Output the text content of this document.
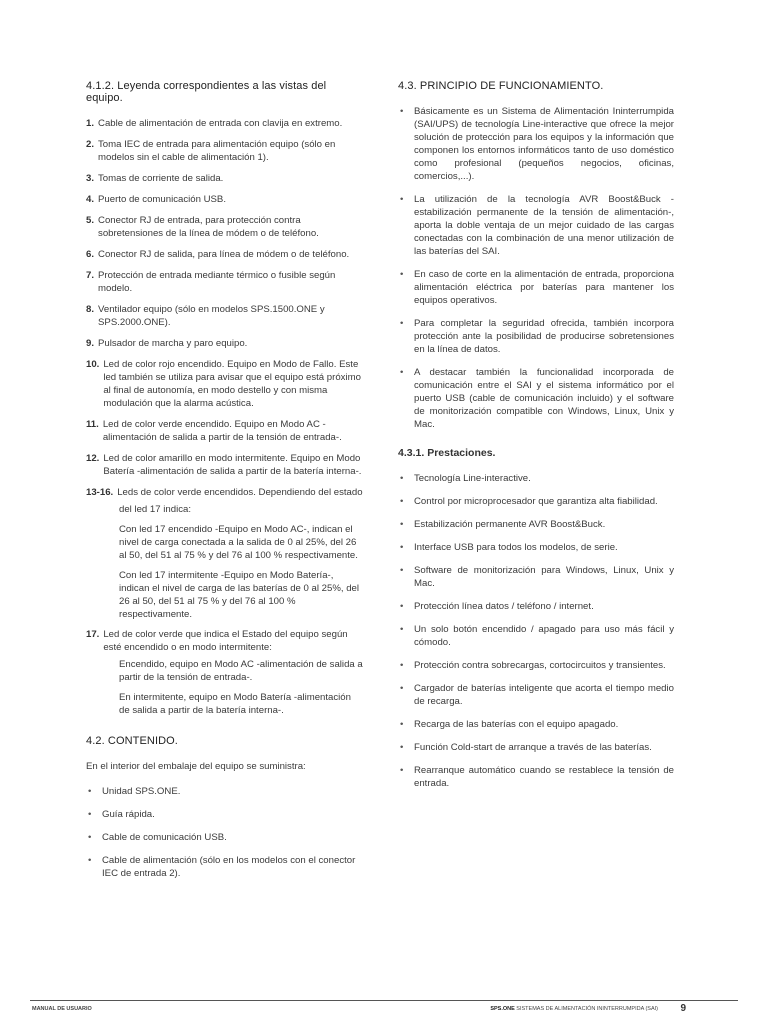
4.1.2. Leyenda correspondientes a las vistas del equipo.
1. Cable de alimentación de entrada con clavija en extremo.
2. Toma IEC de entrada para alimentación equipo (sólo en modelos sin el cable de alimentación 1).
3. Tomas de corriente de salida.
4. Puerto de comunicación USB.
5. Conector RJ de entrada, para protección contra sobretensiones de la línea de módem o de teléfono.
6. Conector RJ de salida, para línea de módem o de teléfono.
7. Protección de entrada mediante térmico o fusible según modelo.
8. Ventilador equipo (sólo en modelos SPS.1500.ONE y SPS.2000.ONE).
9. Pulsador de marcha y paro equipo.
10. Led de color rojo encendido. Equipo en Modo de Fallo. Este led también se utiliza para avisar que el equipo está próximo al final de autonomía, en modo destello y con misma modulación que la alarma acústica.
11. Led de color verde encendido. Equipo en Modo AC -alimentación de salida a partir de la tensión de entrada-.
12. Led de color amarillo en modo intermitente. Equipo en Modo Batería -alimentación de salida a partir de la batería interna-.
13-16. Leds de color verde encendidos. Dependiendo del estado

del led 17 indica:

Con led 17 encendido -Equipo en Modo AC-, indican el nivel de carga conectada a la salida de 0 al 25%, del 26 al 50, del 51 al 75 % y del 76 al 100 % respectivamente.

Con led 17 intermitente -Equipo en Modo Batería-, indican el nivel de carga de las baterías de 0 al 25%, del 26 al 50, del 51 al 75 % y del 76 al 100 % respectivamente.

17. Led de color verde que indica el Estado del equipo según esté encendido o en modo intermitente:

Encendido, equipo en Modo AC -alimentación de salida a partir de la tensión de entrada-.

En intermitente, equipo en Modo Batería -alimentación de salida a partir de la batería interna-.

4.2. CONTENIDO.

En el interior del embalaje del equipo se suministra:

• Unidad SPS.ONE.
• Guía rápida.
• Cable de comunicación USB.
• Cable de alimentación (sólo en los modelos con el conector IEC de entrada 2).
4.3. PRINCIPIO DE FUNCIONAMIENTO.
• Básicamente es un Sistema de Alimentación Ininterrumpida (SAI/UPS) de tecnología Line-interactive que ofrece la mejor solución de protección para los equipos y la información que componen los entornos informáticos tanto de uso doméstico como profesional (pequeños negocios, oficinas, comercios,...).
• La utilización de la tecnología AVR Boost&Buck -estabilización permanente de la tensión de alimentación-, aporta la doble ventaja de un mejor cuidado de las cargas conectadas con la combinación de una menor utilización de las baterías del SAI.
• En caso de corte en la alimentación de entrada, proporciona alimentación eléctrica por baterías para mantener los equipos operativos.
• Para completar la seguridad ofrecida, también incorpora protección ante la posibilidad de producirse sobretensiones en la línea de datos.
• A destacar también la funcionalidad incorporada de comunicación entre el SAI y el sistema informático por el puerto USB (cable de comunicación incluido) y el software de monitorización compatible con Windows, Linux, Unix y Mac.
4.3.1. Prestaciones.
• Tecnología Line-interactive.
• Control por microprocesador que garantiza alta fiabilidad.
• Estabilización permanente AVR Boost&Buck.
• Interface USB para todos los modelos, de serie.
• Software de monitorización para Windows, Linux, Unix y Mac.
• Protección línea datos / teléfono / internet.
• Un solo botón encendido / apagado para uso más fácil y cómodo.
• Protección contra sobrecargas, cortocircuitos y transientes.
• Cargador de baterías inteligente que acorta el tiempo medio de recarga.
• Recarga de las baterías con el equipo apagado.
• Función Cold-start de arranque a través de las baterías.
• Rearranque automático cuando se restablece la tensión de entrada.
MANUAL DE USUARIO	SPS.ONE SISTEMAS DE ALIMENTACIÓN ININTERRUMPIDA (SAI) 9
